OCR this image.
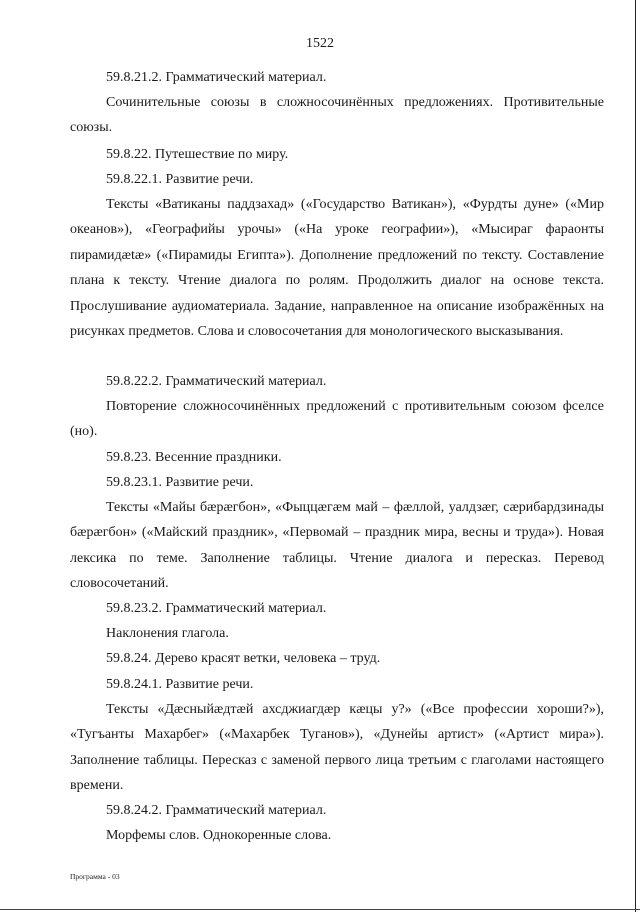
1522

59.8.21.2. Грамматический материал.

Сочинительные союзы в сложносочинённых предложениях. Противительные союзы.

59.8.22. Путешествие по миру.

59.8.22.1. Развитие речи.

Тексты «Ватиканы паддзахад» («Государство Ватикан»), «Фурдты дуне» («Мир океанов»), «Географийы урочы» («На уроке географии»), «Мысираг фараонты пирамидætæ» («Пирамиды Египта»). Дополнение предложений по тексту. Составление плана к тексту. Чтение диалога по ролям. Продолжить диалог на основе текста. Прослушивание аудиоматериала. Задание, направленное на описание изображённых на рисунках предметов. Слова и словосочетания для монологического высказывания.

59.8.22.2. Грамматический материал.

Повторение сложносочинённых предложений с противительным союзом фселсе (но).

59.8.23. Весенние праздники.

59.8.23.1. Развитие речи.

Тексты «Майы бæрæгбон», «Фыццæгæм май – фæллой, уалдзæг, сæрибардзинады бæрæгбон» («Майский праздник», «Первомай – праздник мира, весны и труда»). Новая лексика по теме. Заполнение таблицы. Чтение диалога и пересказ. Перевод словосочетаний.

59.8.23.2. Грамматический материал.

Наклонения глагола.

59.8.24. Дерево красят ветки, человека – труд.

59.8.24.1. Развитие речи.

Тексты «Дæсныйæдтæй ахсджиагдæр кæцы у?» («Все профессии хороши?»), «Тугъанты Махарбег» («Махарбек Туганов»), «Дунейы артист» («Артист мира»). Заполнение таблицы. Пересказ с заменой первого лица третьим с глаголами настоящего времени.

59.8.24.2. Грамматический материал.

Морфемы слов. Однокоренные слова.

Программа - 03
